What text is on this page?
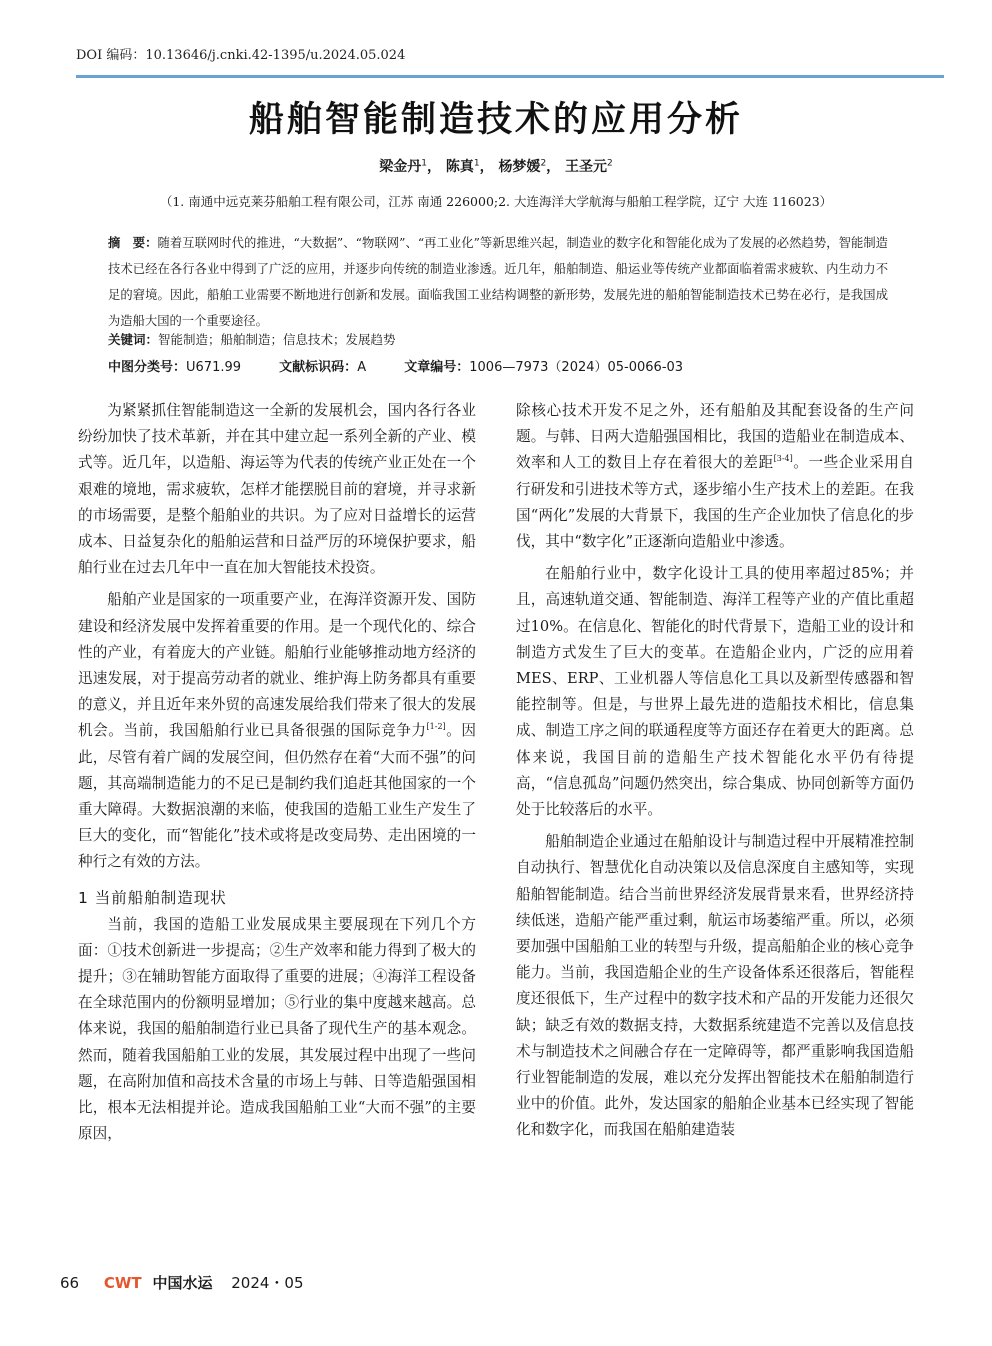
DOI 编码：10.13646/j.cnki.42-1395/u.2024.05.024
船舶智能制造技术的应用分析
梁金丹$^1$， 陈真$^1$， 杨梦媛$^2$， 王圣元$^2$
（1. 南通中远克莱芬船舶工程有限公司，江苏 南通 226000;2. 大连海洋大学航海与船舶工程学院，辽宁 大连 116023）
摘　要：随着互联网时代的推进，“大数据”、“物联网”、“再工业化”等新思维兴起，制造业的数字化和智能化成为了发展的必然趋势，智能制造技术已经在各行各业中得到了广泛的应用，并逐步向传统的制造业渗透。近几年，船舶制造、船运业等传统产业都面临着需求疲软、内生动力不足的窘境。因此，船舶工业需要不断地进行创新和发展。面临我国工业结构调整的新形势，发展先进的船舶智能制造技术已势在必行，是我国成为造船大国的一个重要途径。
关键词：智能制造；船舶制造；信息技术；发展趋势
中图分类号：U671.99	文献标识码：A	文章编号：1006—7973（2024）05-0066-03

为紧紧抓住智能制造这一全新的发展机会，国内各行各业纷纷加快了技术革新，并在其中建立起一系列全新的产业、模式等。近几年，以造船、海运等为代表的传统产业正处在一个艰难的境地，需求疲软，怎样才能摆脱目前的窘境，并寻求新的市场需要，是整个船舶业的共识。为了应对日益增长的运营成本、日益复杂化的船舶运营和日益严厉的环境保护要求，船舶行业在过去几年中一直在加大智能技术投资。

船舶产业是国家的一项重要产业，在海洋资源开发、国防建设和经济发展中发挥着重要的作用。是一个现代化的、综合性的产业，有着庞大的产业链。船舶行业能够推动地方经济的迅速发展，对于提高劳动者的就业、维护海上防务都具有重要的意义，并且近年来外贸的高速发展给我们带来了很大的发展机会。当前，我国船舶行业已具备很强的国际竞争力[1-2]。因此，尽管有着广阔的发展空间，但仍然存在着“大而不强”的问题，其高端制造能力的不足已是制约我们追赶其他国家的一个重大障碍。大数据浪潮的来临，使我国的造船工业生产发生了巨大的变化，而“智能化”技术或将是改变局势、走出困境的一种行之有效的方法。

1 当前船舶制造现状

当前，我国的造船工业发展成果主要展现在下列几个方面：①技术创新进一步提高；②生产效率和能力得到了极大的提升；③在辅助智能方面取得了重要的进展；④海洋工程设备在全球范围内的份额明显增加；⑤行业的集中度越来越高。总体来说，我国的船舶制造行业已具备了现代生产的基本观念。然而，随着我国船舶工业的发展，其发展过程中出现了一些问题，在高附加值和高技术含量的市场上与韩、日等造船强国相比，根本无法相提并论。造成我国船舶工业“大而不强”的主要原因，

除核心技术开发不足之外，还有船舶及其配套设备的生产问题。与韩、日两大造船强国相比，我国的造船业在制造成本、效率和人工的数目上存在着很大的差距[3-4]。一些企业采用自行研发和引进技术等方式，逐步缩小生产技术上的差距。在我国“两化”发展的大背景下，我国的生产企业加快了信息化的步伐，其中“数字化”正逐渐向造船业中渗透。

在船舶行业中，数字化设计工具的使用率超过85%；并且，高速轨道交通、智能制造、海洋工程等产业的产值比重超过10%。在信息化、智能化的时代背景下，造船工业的设计和制造方式发生了巨大的变革。在造船企业内，广泛的应用着MES、ERP、工业机器人等信息化工具以及新型传感器和智能控制等。但是，与世界上最先进的造船技术相比，信息集成、制造工序之间的联通程度等方面还存在着更大的距离。总体来说，我国目前的造船生产技术智能化水平仍有待提高，“信息孤岛”问题仍然突出，综合集成、协同创新等方面仍处于比较落后的水平。

船舶制造企业通过在船舶设计与制造过程中开展精准控制自动执行、智慧优化自动决策以及信息深度自主感知等，实现船舶智能制造。结合当前世界经济发展背景来看，世界经济持续低迷，造船产能严重过剩，航运市场萎缩严重。所以，必须要加强中国船舶工业的转型与升级，提高船舶企业的核心竞争能力。当前，我国造船企业的生产设备体系还很落后，智能程度还很低下，生产过程中的数字技术和产品的开发能力还很欠缺；缺乏有效的数据支持，大数据系统建造不完善以及信息技术与制造技术之间融合存在一定障碍等，都严重影响我国造船行业智能制造的发展，难以充分发挥出智能技术在船舶制造行业中的价值。此外，发达国家的船舶企业基本已经实现了智能化和数字化，而我国在船舶建造装

66 CWT 中国水运 2024・05
